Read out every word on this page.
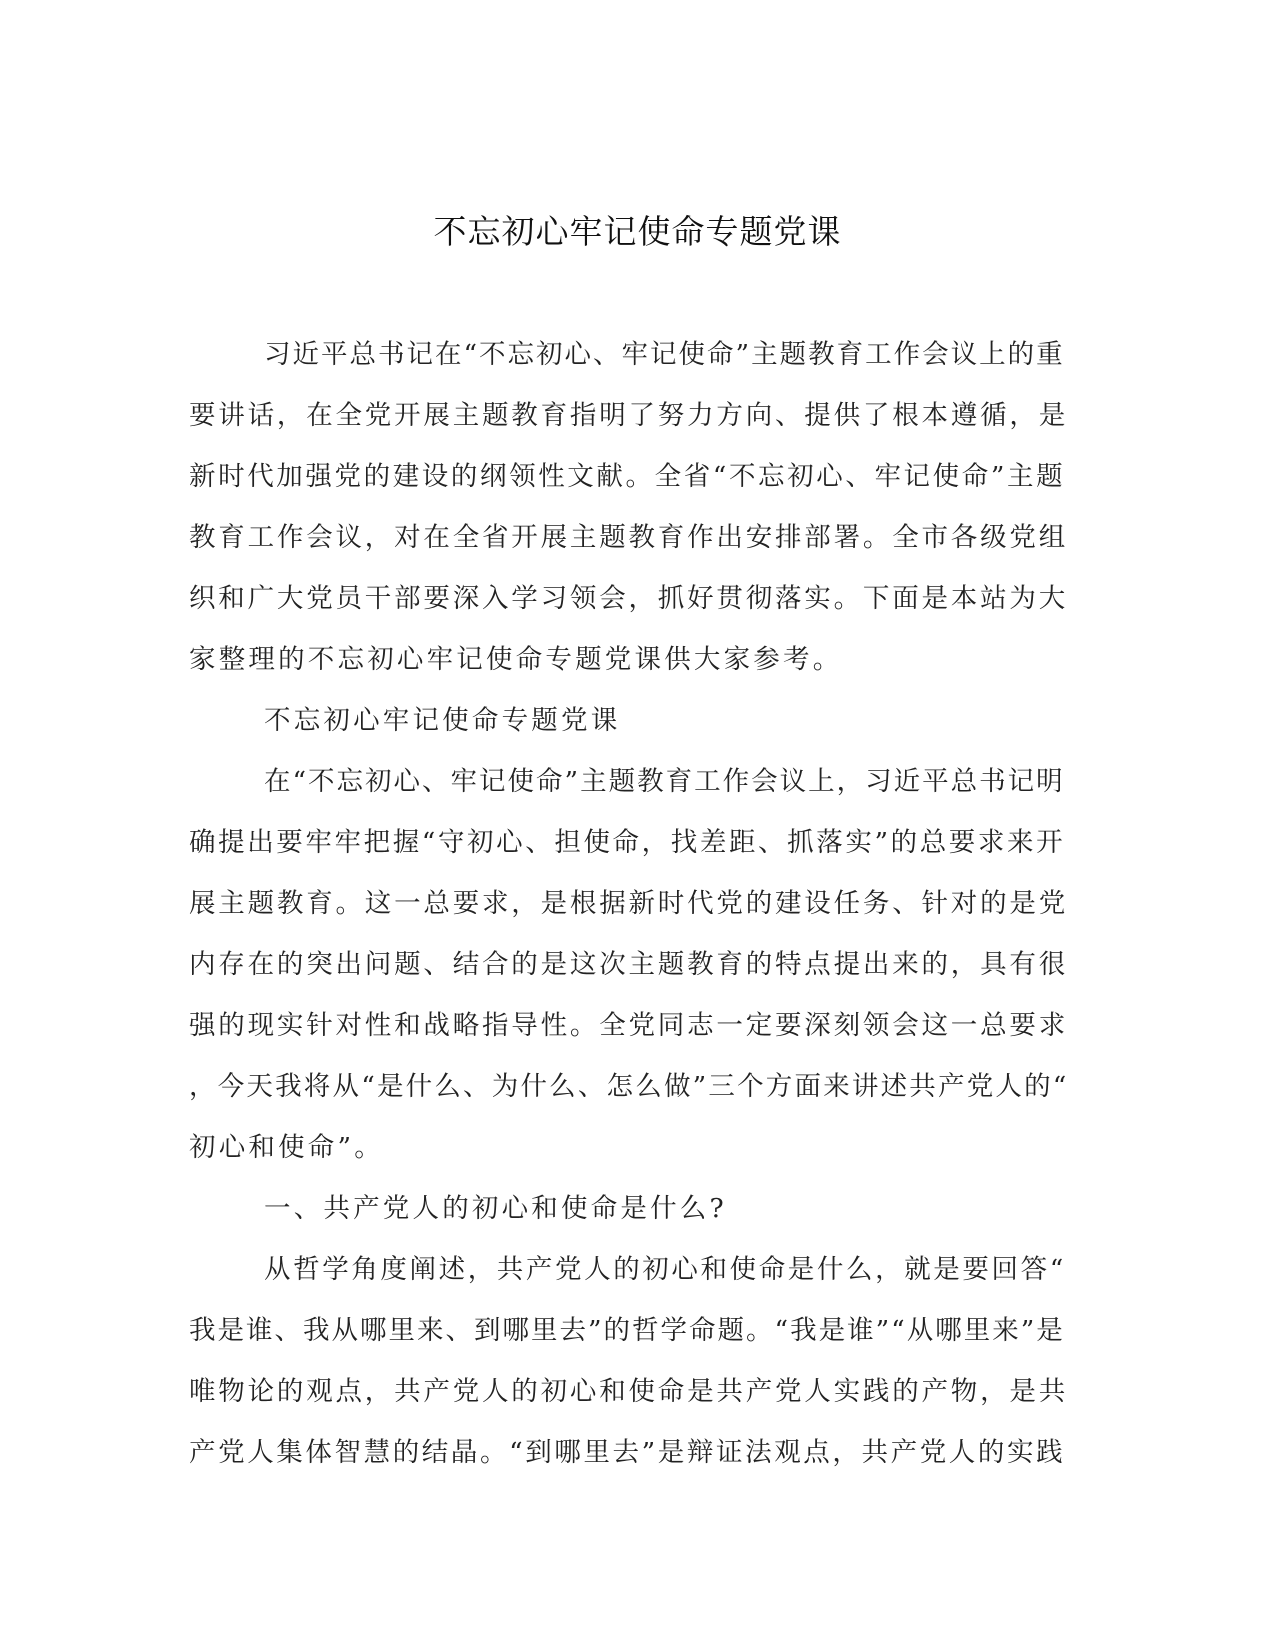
不忘初心牢记使命专题党课

习近平总书记在“不忘初心、牢记使命”主题教育工作会议上的重

要讲话，在全党开展主题教育指明了努力方向、提供了根本遵循，是

新时代加强党的建设的纲领性文献。全省“不忘初心、牢记使命”主题

教育工作会议，对在全省开展主题教育作出安排部署。全市各级党组

织和广大党员干部要深入学习领会，抓好贯彻落实。下面是本站为大

家整理的不忘初心牢记使命专题党课供大家参考。

不忘初心牢记使命专题党课

在“不忘初心、牢记使命”主题教育工作会议上，习近平总书记明

确提出要牢牢把握“守初心、担使命，找差距、抓落实”的总要求来开

展主题教育。这一总要求，是根据新时代党的建设任务、针对的是党

内存在的突出问题、结合的是这次主题教育的特点提出来的，具有很

强的现实针对性和战略指导性。全党同志一定要深刻领会这一总要求

，今天我将从“是什么、为什么、怎么做”三个方面来讲述共产党人的“

初心和使命”。

一、共产党人的初心和使命是什么?

从哲学角度阐述，共产党人的初心和使命是什么，就是要回答“

我是谁、我从哪里来、到哪里去”的哲学命题。“我是谁”“从哪里来”是

唯物论的观点，共产党人的初心和使命是共产党人实践的产物，是共

产党人集体智慧的结晶。“到哪里去”是辩证法观点，共产党人的实践
